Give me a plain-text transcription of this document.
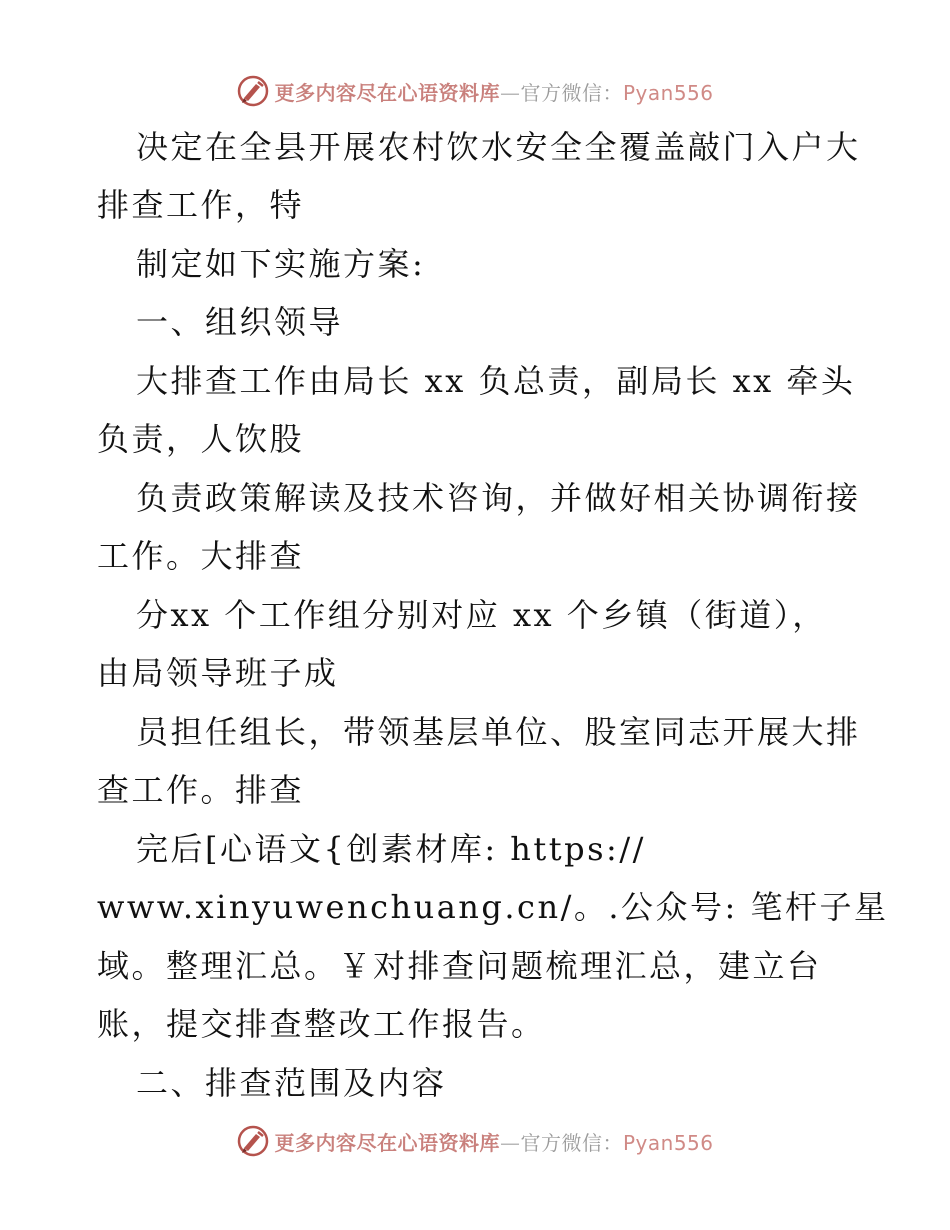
更多内容尽在心语资料库—官方微信：Pyan556
决定在全县开展农村饮水安全全覆盖敲门入户大
排查工作，特
制定如下实施方案:
一、组织领导
大排查工作由局长 xx 负总责，副局长 xx 牵头
负责，人饮股
负责政策解读及技术咨询，并做好相关协调衔接
工作。大排查
分xx 个工作组分别对应 xx 个乡镇（街道），
由局领导班子成
员担任组长，带领基层单位、股室同志开展大排
查工作。排查
完后[心语文{创素材库: https://
www.xinyuwenchuang.cn/。.公众号: 笔杆子星
域。整理汇总。￥对排查问题梳理汇总，建立台
账，提交排查整改工作报告。
二、排查范围及内容
更多内容尽在心语资料库—官方微信：Pyan556
